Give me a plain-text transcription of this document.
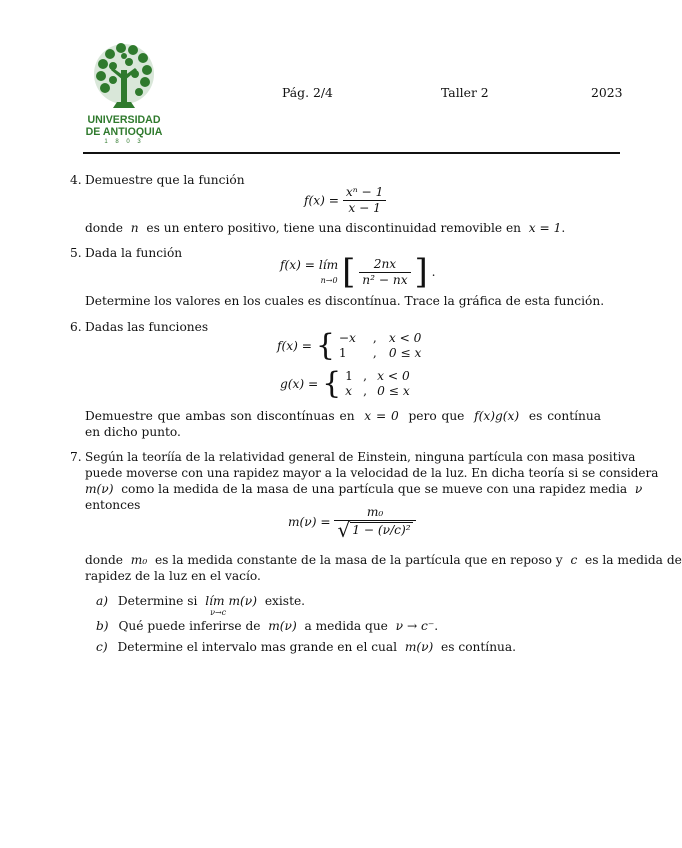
UNIVERSIDAD
DE ANTIOQUIA
1 8 0 3
Pág. 2/4	Taller 2	2023
4. Demuestre que la función
$f(x) = \frac{\text{xⁿ − 1}}{x - 1}$
donde n es un entero positivo, tiene una discontinuidad removible en x = 1.
5. Dada la función
f(x) = lím
n→0 [ $\frac{2nx}{\text{n² − nx}}$ ] .
Determine los valores en los cuales es discontínua. Trace la gráfica de esta función.
6. Dadas las funciones
f(x) = { −x , x < 0
1 , 0 ≤ x
g(x) = { 1 , x < 0
x , 0 ≤ x
Demuestre que ambas son discontínuas en x = 0 pero que f(x)g(x) es contínua en dicho punto.
7. Según la teoríía de la relatividad general de Einstein, ninguna partícula con masa positiva
puede moverse con una rapidez mayor a la velocidad de la luz. En dicha teoría si se considera
m(ν) como la medida de la masa de una partícula que se mueve con una rapidez media ν
entonces
$m(\nu) = \frac{\text{m₀}}{\text{√ 1 − (ν/c)²}}$
donde m₀ es la medida constante de la masa de la partícula que en reposo y c es la medida de
rapidez de la luz en el vacío.
a) Determine si lím m(ν)
$^{\nu\to c}$ existe.
b) Qué puede inferirse de m(ν) a medida que ν → c⁻.
c) Determine el intervalo mas grande en el cual m(ν) es contínua.
